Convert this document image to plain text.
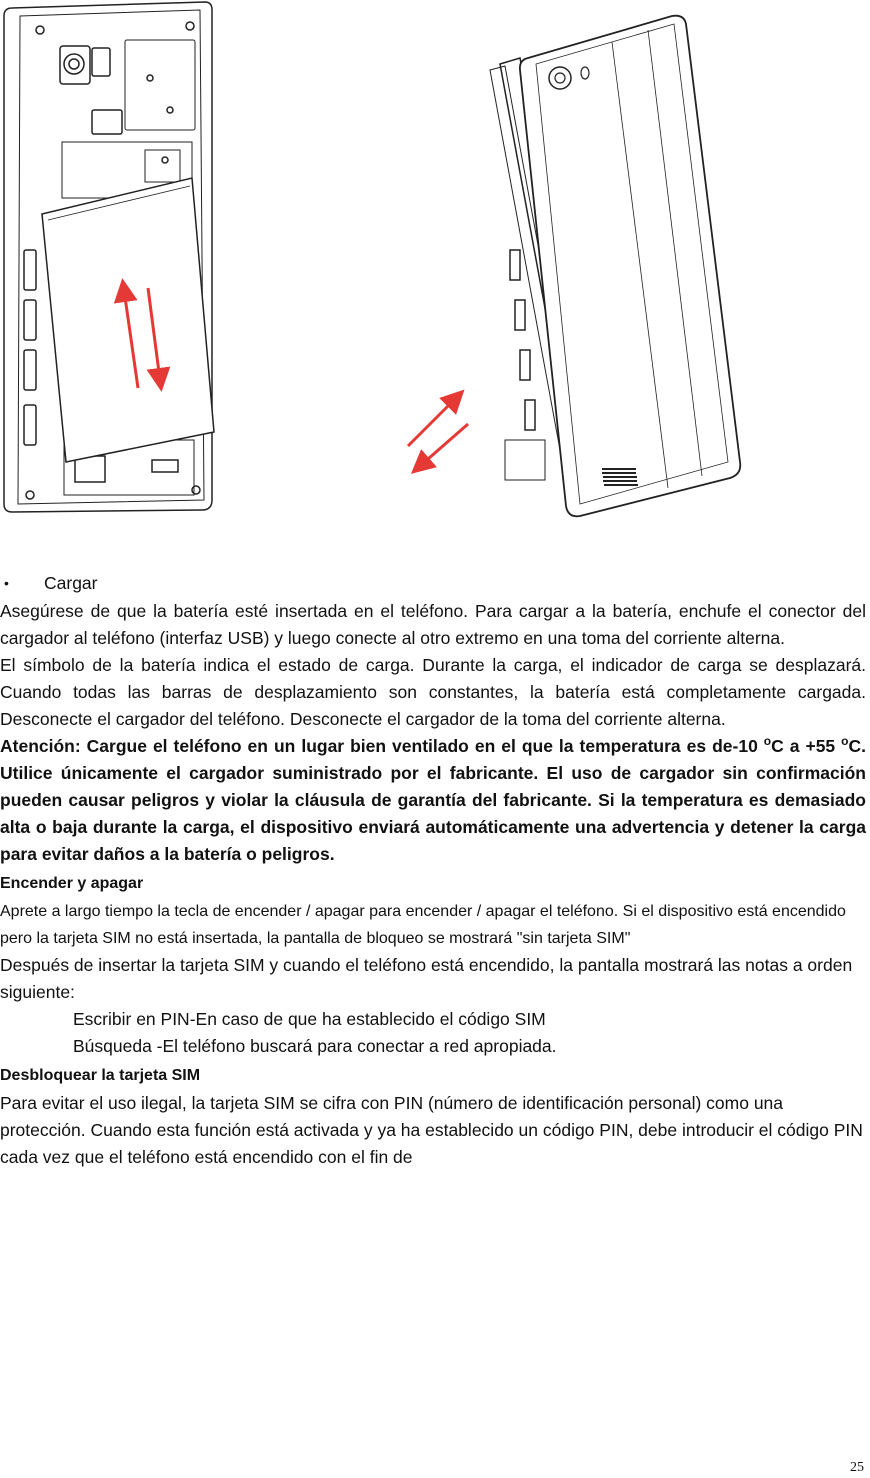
•	Cargar

Asegúrese de que la batería esté insertada en el teléfono. Para cargar a la batería, enchufe el conector del cargador al teléfono (interfaz USB) y luego conecte al otro extremo en una toma del corriente alterna.

El símbolo de la batería indica el estado de carga. Durante la carga, el indicador de carga se desplazará. Cuando todas las barras de desplazamiento son constantes, la batería está completamente cargada. Desconecte el cargador del teléfono. Desconecte el cargador de la toma del corriente alterna.

Atención: Cargue el teléfono en un lugar bien ventilado en el que la temperatura es de-10 $^o$C a +55 $^o$C. Utilice únicamente el cargador suministrado por el fabricante. El uso de cargador sin confirmación pueden causar peligros y violar la cláusula de garantía del fabricante. Si la temperatura es demasiado alta o baja durante la carga, el dispositivo enviará automáticamente una advertencia y detener la carga para evitar daños a la batería o peligros.

Encender y apagar

Aprete a largo tiempo la tecla de encender / apagar para encender / apagar el teléfono. Si el dispositivo está encendido pero la tarjeta SIM no está insertada, la pantalla de bloqueo se mostrará "sin tarjeta SIM"

Después de insertar la tarjeta SIM y cuando el teléfono está encendido, la pantalla mostrará las notas a orden siguiente:

Escribir en PIN-En caso de que ha establecido el código SIM

Búsqueda -El teléfono buscará para conectar a red apropiada.

Desbloquear la tarjeta SIM

Para evitar el uso ilegal, la tarjeta SIM se cifra con PIN (número de identificación personal) como una protección. Cuando esta función está activada y ya ha establecido un código PIN, debe introducir el código PIN cada vez que el teléfono está encendido con el fin de

25
